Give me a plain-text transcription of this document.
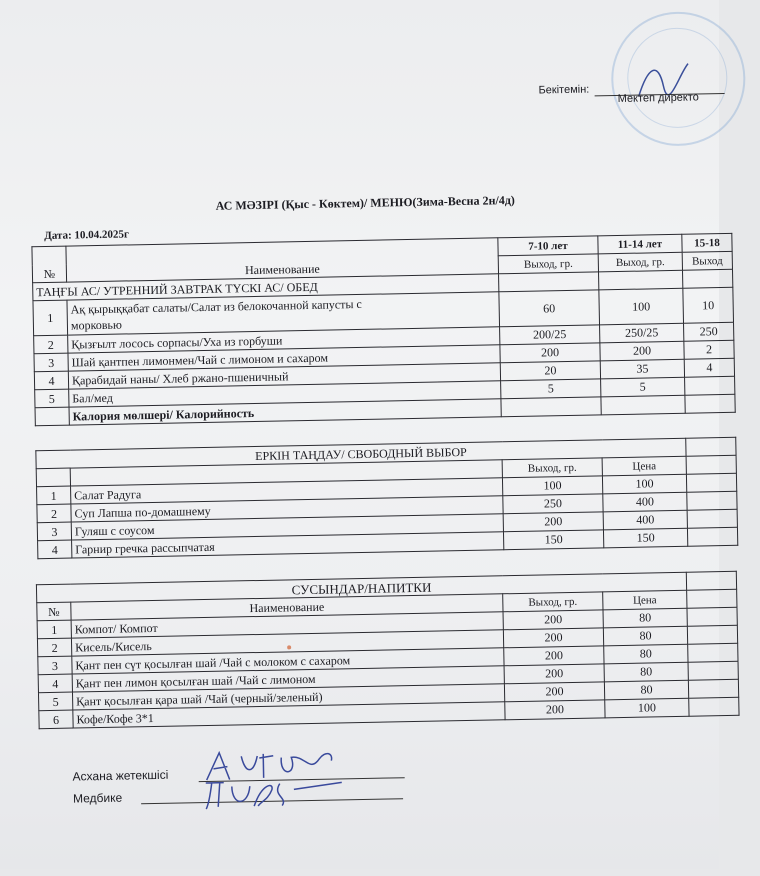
Бекітемін:
Мектеп директо
АС МӘЗІРІ (Қыс - Көктем)/ МЕНЮ(Зима-Весна 2н/4д)
Дата: 10.04.2025г
№	Наименование	7-10 лет	11-14 лет	15-18
		Выход, гр.	Выход, гр.	Выход
ТАҢҒЫ АС/ УТРЕННИЙ ЗАВТРАК ТҮСКІ АС/ ОБЕД				
1	Ақ қырыққабат салаты/Салат из белокочанной капусты с
морковью	60	100	10
2	Қызғылт лосось сорпасы/Уха из горбуши	200/25	250/25	250
3	Шай қантпен лимонмен/Чай с лимоном и сахаром	200	200	2
4	Қарабидай наны/ Хлеб ржано-пшеничный	20	35	4
5	Бал/мед	5	5	
	Калория мөлшері/ Калорийность			
ЕРКІН ТАҢДАУ/ СВОБОДНЫЙ ВЫБОР				
		Выход, гр.	Цена	
1	Салат Радуга	100	100	
2	Суп Лапша по-домашнему	250	400	
3	Гуляш с соусом	200	400	
4	Гарнир гречка рассыпчатая	150	150	
СУСЫНДАР/НАПИТКИ				
№	Наименование	Выход, гр.	Цена	
1	Компот/ Компот	200	80	
2	Кисель/Кисель	200	80	
3	Қант пен сүт қосылған шай /Чай с молоком с сахаром	200	80	
4	Қант пен лимон қосылған шай /Чай с лимоном	200	80	
5	Қант қосылған қара шай /Чай (черный/зеленый)	200	80	
6	Кофе/Кофе 3*1	200	100	
Асхана жетекшісі
Медбике
